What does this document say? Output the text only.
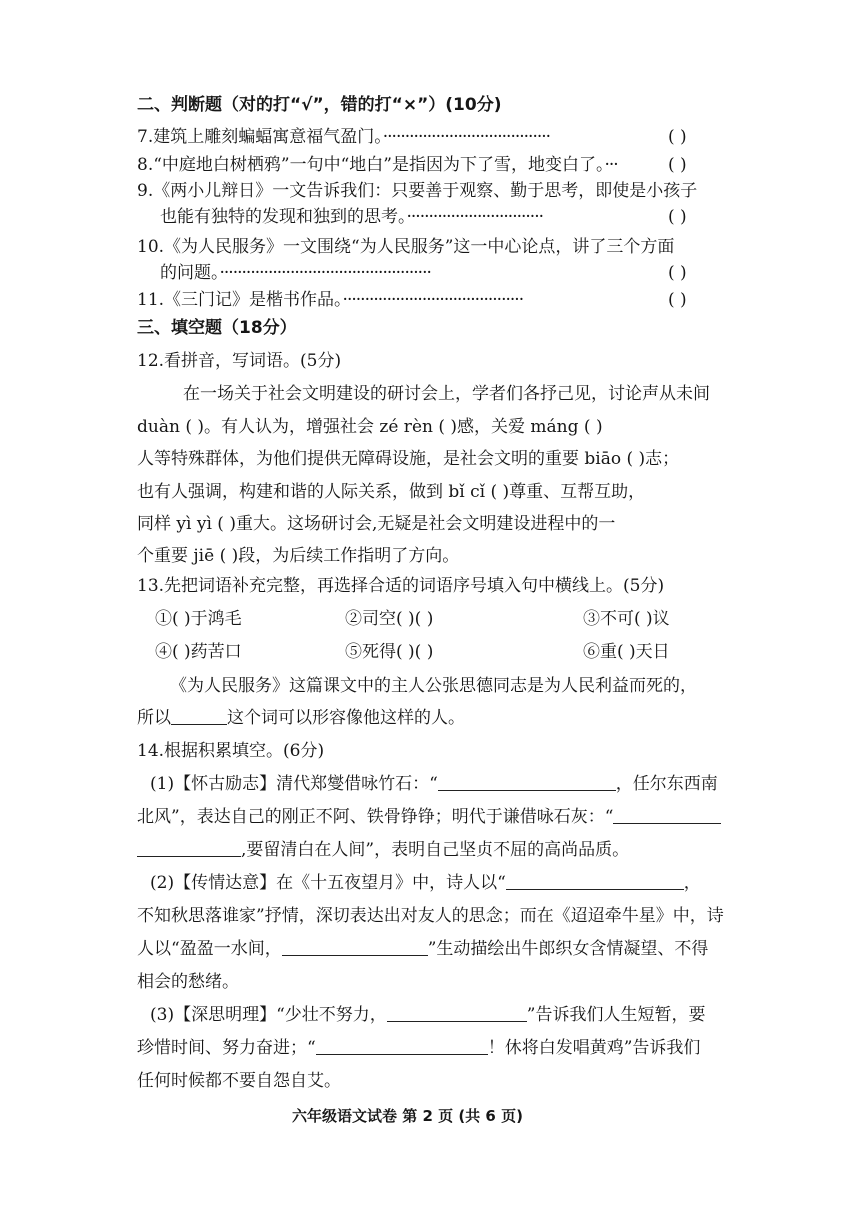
二、判断题（对的打“√”，错的打“×”）(10分)
7.建筑上雕刻蝙蝠寓意福气盈门。······································	( )
8.“中庭地白树栖鸦”一句中“地白”是指因为下了雪，地变白了。···	( )
9.《两小儿辩日》一文告诉我们：只要善于观察、勤于思考，即使是小孩子
也能有独特的发现和独到的思考。·······························	( )
10.《为人民服务》一文围绕“为人民服务”这一中心论点，讲了三个方面
的问题。················································	( )
11.《三门记》是楷书作品。·········································	( )
三、填空题（18分）
12.看拼音，写词语。(5分)
在一场关于社会文明建设的研讨会上，学者们各抒己见，讨论声从未间
duàn ( )。有人认为，增强社会 zé rèn ( )感，关爱 máng ( )
人等特殊群体，为他们提供无障碍设施，是社会文明的重要 biāo ( )志；
也有人强调，构建和谐的人际关系，做到 bǐ cǐ ( )尊重、互帮互助，
同样 yì yì ( )重大。这场研讨会,无疑是社会文明建设进程中的一
个重要 jiē ( )段，为后续工作指明了方向。
13.先把词语补充完整，再选择合适的词语序号填入句中横线上。(5分)
①( )于鸿毛	②司空( )( )	③不可( )议
④( )药苦口	⑤死得( )( )	⑥重( )天日
《为人民服务》这篇课文中的主人公张思德同志是为人民利益而死的，
所以	这个词可以形容像他这样的人。
14.根据积累填空。(6分)
(1)【怀古励志】清代郑燮借咏竹石：“	，任尔东西南
北风”，表达自己的刚正不阿、铁骨铮铮；明代于谦借咏石灰：“
,要留清白在人间”，表明自己坚贞不屈的高尚品质。
(2)【传情达意】在《十五夜望月》中，诗人以“	，
不知秋思落谁家”抒情，深切表达出对友人的思念；而在《迢迢牵牛星》中，诗
人以“盈盈一水间，	”生动描绘出牛郎织女含情凝望、不得
相会的愁绪。
(3)【深思明理】“少壮不努力，	”告诉我们人生短暂，要
珍惜时间、努力奋进；“	！休将白发唱黄鸡”告诉我们
任何时候都不要自怨自艾。
六年级语文试卷 第 2 页 (共 6 页)
